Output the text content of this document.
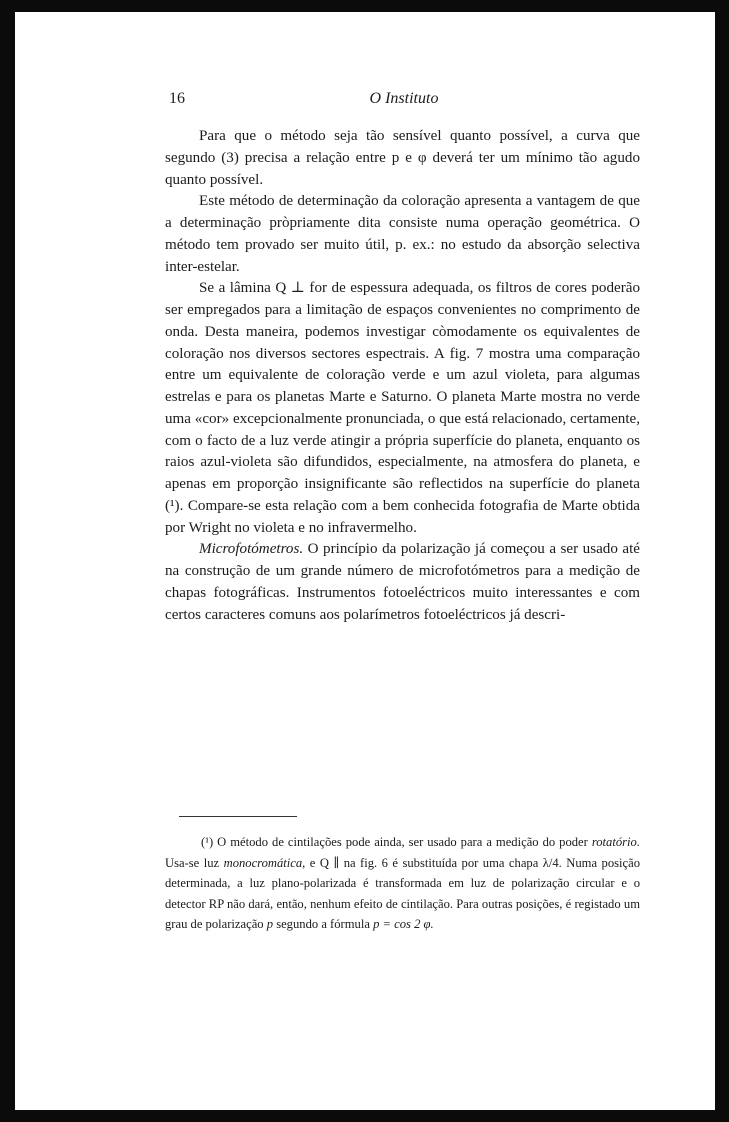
16	O Instituto

Para que o método seja tão sensível quanto possível, a curva que segundo (3) precisa a relação entre p e φ deverá ter um mínimo tão agudo quanto possível.

Este método de determinação da coloração apresenta a vantagem de que a determinação pròpriamente dita consiste numa operação geométrica. O método tem provado ser muito útil, p. ex.: no estudo da absorção selectiva inter-estelar.

Se a lâmina Q ⊥ for de espessura adequada, os filtros de cores poderão ser empregados para a limitação de espaços convenientes no comprimento de onda. Desta maneira, podemos investigar còmodamente os equivalentes de coloração nos diversos sectores espectrais. A fig. 7 mostra uma comparação entre um equivalente de coloração verde e um azul violeta, para algumas estrelas e para os planetas Marte e Saturno. O planeta Marte mostra no verde uma «cor» excepcionalmente pronunciada, o que está relacionado, certamente, com o facto de a luz verde atingir a própria superfície do planeta, enquanto os raios azul-violeta são difundidos, especialmente, na atmosfera do planeta, e apenas em proporção insignificante são reflectidos na superfície do planeta (¹). Compare-se esta relação com a bem conhecida fotografia de Marte obtida por Wright no violeta e no infravermelho.

Microfotómetros. O princípio da polarização já começou a ser usado até na construção de um grande número de microfotómetros para a medição de chapas fotográficas. Instrumentos fotoeléctricos muito interessantes e com certos caracteres comuns aos polarímetros fotoeléctricos já descri-

(¹) O método de cintilações pode ainda, ser usado para a medição do poder rotatório. Usa-se luz monocromática, e Q ∥ na fig. 6 é substituída por uma chapa λ/4. Numa posição determinada, a luz plano-polarizada é transformada em luz de polarização circular e o detector RP não dará, então, nenhum efeito de cintilação. Para outras posições, é registado um grau de polarização p segundo a fórmula p = cos 2 φ.
